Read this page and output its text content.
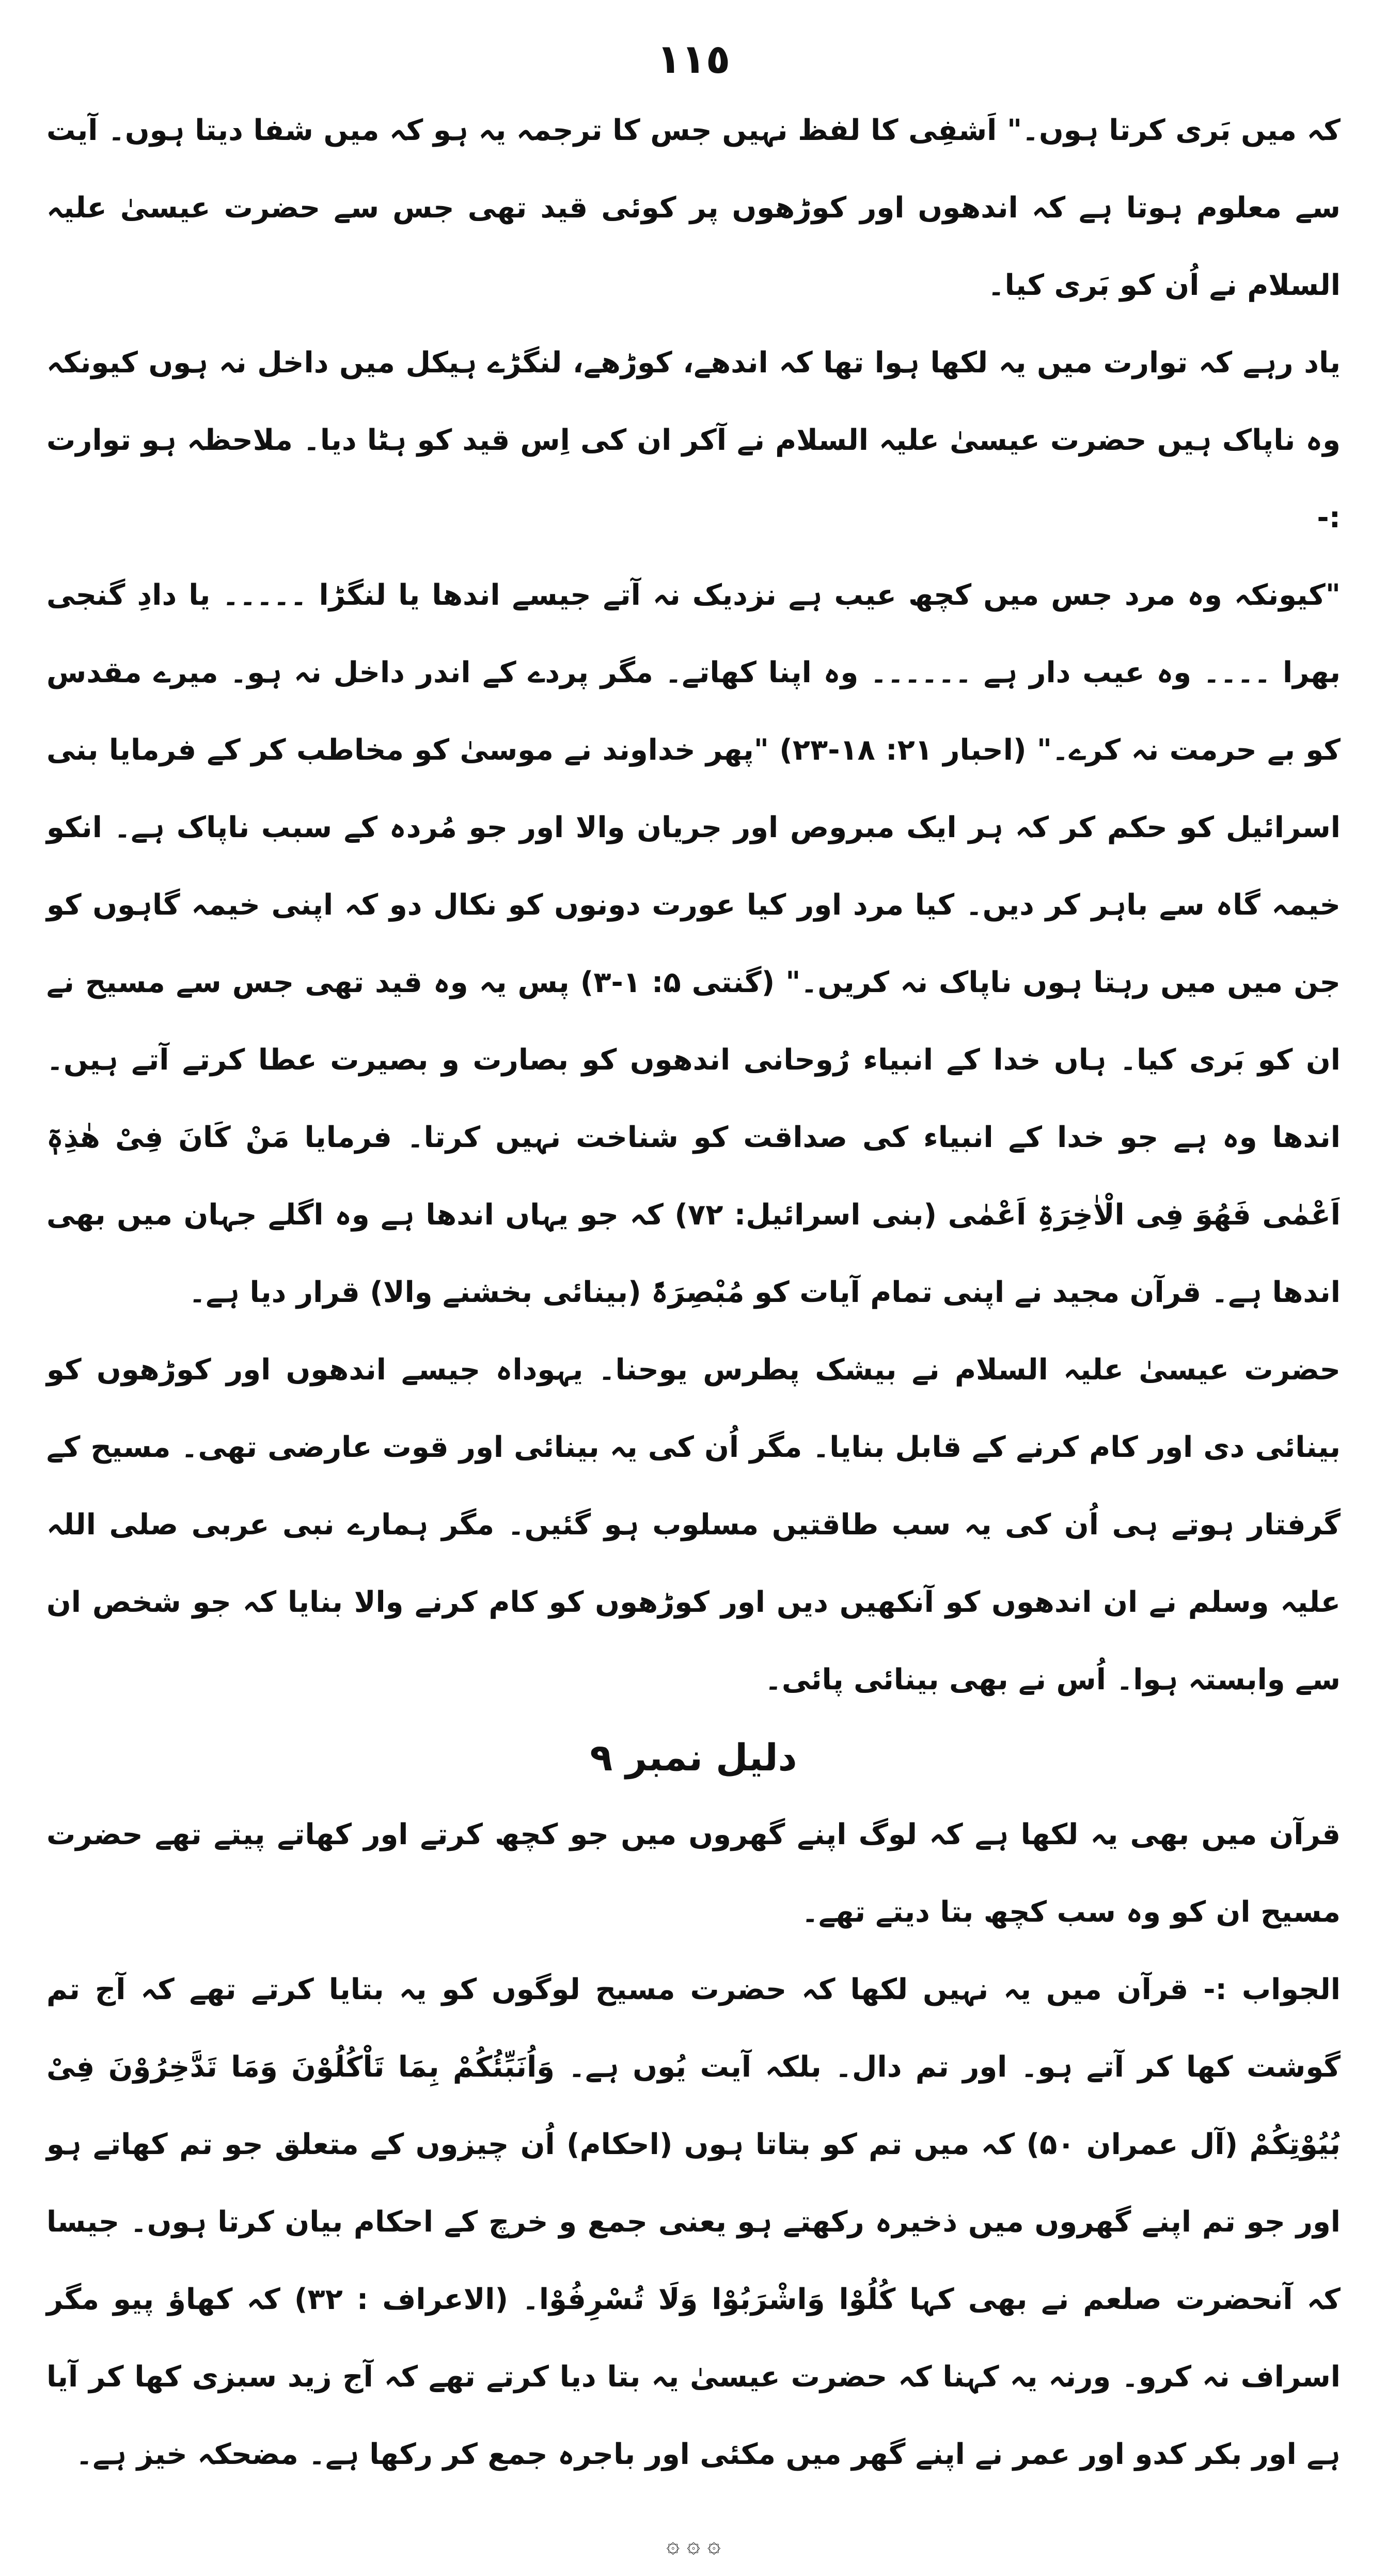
١١٥

کہ میں بَری کرتا ہوں۔" اَشفِی کا لفظ نہیں جس کا ترجمہ یہ ہو کہ میں شفا دیتا ہوں۔ آیت سے معلوم ہوتا ہے کہ اندھوں اور کوڑھوں پر کوئی قید تھی جس سے حضرت عیسیٰ علیہ السلام نے اُن کو بَری کیا۔

یاد رہے کہ توارت میں یہ لکھا ہوا تھا کہ اندھے، کوڑھے، لنگڑے ہیکل میں داخل نہ ہوں کیونکہ وہ ناپاک ہیں حضرت عیسیٰ علیہ السلام نے آکر ان کی اِس قید کو ہٹا دیا۔ ملاحظہ ہو توارت :-

"کیونکہ وہ مرد جس میں کچھ عیب ہے نزدیک نہ آتے جیسے اندھا یا لنگڑا ۔۔۔۔۔ یا دادِ گنجی بھرا ۔۔۔۔ وہ عیب دار ہے ۔۔۔۔۔۔ وہ اپنا کھاتے۔ مگر پردے کے اندر داخل نہ ہو۔ میرے مقدس کو بے حرمت نہ کرے۔" (احبار ۲۱: ۱۸-۲۳) "پھر خداوند نے موسیٰ کو مخاطب کر کے فرمایا بنی اسرائیل کو حکم کر کہ ہر ایک مبروص اور جریان والا اور جو مُردہ کے سبب ناپاک ہے۔ انکو خیمہ گاہ سے باہر کر دیں۔ کیا مرد اور کیا عورت دونوں کو نکال دو کہ اپنی خیمہ گاہوں کو جن میں میں رہتا ہوں ناپاک نہ کریں۔" (گنتی ۵: ۱-۳) پس یہ وہ قید تھی جس سے مسیح نے ان کو بَری کیا۔ ہاں خدا کے انبیاء رُوحانی اندھوں کو بصارت و بصیرت عطا کرتے آتے ہیں۔ اندھا وہ ہے جو خدا کے انبیاء کی صداقت کو شناخت نہیں کرتا۔ فرمایا مَنْ کَانَ فِیْ ھٰذِہٖٓ اَعْمٰی فَھُوَ فِی الْاٰخِرَۃِ اَعْمٰی (بنی اسرائیل: ۷۲) کہ جو یہاں اندھا ہے وہ اگلے جہان میں بھی اندھا ہے۔ قرآن مجید نے اپنی تمام آیات کو مُبْصِرَۃً (بینائی بخشنے والا) قرار دیا ہے۔

حضرت عیسیٰ علیہ السلام نے بیشک پطرس یوحنا۔ یہوداہ جیسے اندھوں اور کوڑھوں کو بینائی دی اور کام کرنے کے قابل بنایا۔ مگر اُن کی یہ بینائی اور قوت عارضی تھی۔ مسیح کے گرفتار ہوتے ہی اُن کی یہ سب طاقتیں مسلوب ہو گئیں۔ مگر ہمارے نبی عربی صلی اللہ علیہ وسلم نے ان اندھوں کو آنکھیں دیں اور کوڑھوں کو کام کرنے والا بنایا کہ جو شخص ان سے وابستہ ہوا۔ اُس نے بھی بینائی پائی۔

دلیل نمبر ۹

قرآن میں بھی یہ لکھا ہے کہ لوگ اپنے گھروں میں جو کچھ کرتے اور کھاتے پیتے تھے حضرت مسیح ان کو وہ سب کچھ بتا دیتے تھے۔

الجواب :- قرآن میں یہ نہیں لکھا کہ حضرت مسیح لوگوں کو یہ بتایا کرتے تھے کہ آج تم گوشت کھا کر آتے ہو۔ اور تم دال۔ بلکہ آیت یُوں ہے۔ وَاُنَبِّئُکُمْ بِمَا تَاْکُلُوْنَ وَمَا تَدَّخِرُوْنَ فِیْ بُیُوْتِکُمْ (آل عمران ۵۰) کہ میں تم کو بتاتا ہوں (احکام) اُن چیزوں کے متعلق جو تم کھاتے ہو اور جو تم اپنے گھروں میں ذخیرہ رکھتے ہو یعنی جمع و خرچ کے احکام بیان کرتا ہوں۔ جیسا کہ آنحضرت صلعم نے بھی کہا کُلُوْا وَاشْرَبُوْا وَلَا تُسْرِفُوْا۔ (الاعراف : ۳۲) کہ کھاؤ پیو مگر اسراف نہ کرو۔ ورنہ یہ کہنا کہ حضرت عیسیٰ یہ بتا دیا کرتے تھے کہ آج زید سبزی کھا کر آیا ہے اور بکر کدو اور عمر نے اپنے گھر میں مکئی اور باجرہ جمع کر رکھا ہے۔ مضحکہ خیز ہے۔

۞ ۞ ۞
